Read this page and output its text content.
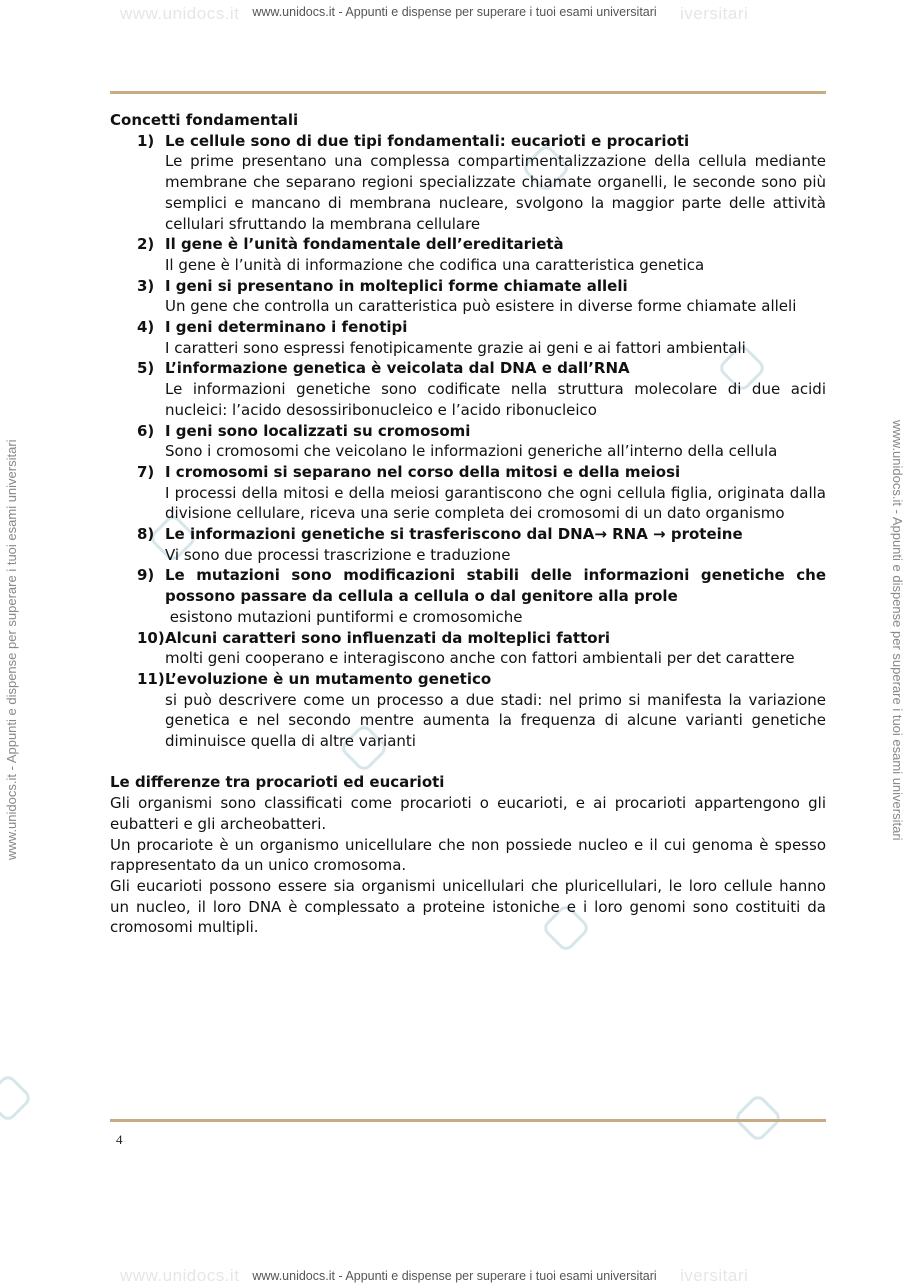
www.unidocs.it	iversitari
www.unidocs.it - Appunti e dispense per superare i tuoi esami universitari
www.unidocs.it - Appunti e dispense per superare i tuoi esami universitari	www.unidocs.it - Appunti e dispense per superare i tuoi esami universitari
Concetti fondamentali
1) Le cellule sono di due tipi fondamentali: eucarioti e procarioti
Le prime presentano una complessa compartimentalizzazione della cellula mediante membrane che separano regioni specializzate chiamate organelli, le seconde sono più semplici e mancano di membrana nucleare, svolgono la maggior parte delle attività cellulari sfruttando la membrana cellulare
2) Il gene è l’unità fondamentale dell’ereditarietà
Il gene è l’unità di informazione che codifica una caratteristica genetica
3) I geni si presentano in molteplici forme chiamate alleli
Un gene che controlla un caratteristica può esistere in diverse forme chiamate alleli
4) I geni determinano i fenotipi
I caratteri sono espressi fenotipicamente grazie ai geni e ai fattori ambientali
5) L’informazione genetica è veicolata dal DNA e dall’RNA
Le informazioni genetiche sono codificate nella struttura molecolare di due acidi nucleici: l’acido desossiribonucleico e l’acido ribonucleico
6) I geni sono localizzati su cromosomi
Sono i cromosomi che veicolano le informazioni generiche all’interno della cellula
7) I cromosomi si separano nel corso della mitosi e della meiosi
I processi della mitosi e della meiosi garantiscono che ogni cellula figlia, originata dalla divisione cellulare, riceva una serie completa dei cromosomi di un dato organismo
8) Le informazioni genetiche si trasferiscono dal DNA→ RNA → proteine
Vi sono due processi trascrizione e traduzione
9) Le mutazioni sono modificazioni stabili delle informazioni genetiche che possono passare da cellula a cellula o dal genitore alla prole
esistono mutazioni puntiformi e cromosomiche
10) Alcuni caratteri sono influenzati da molteplici fattori
molti geni cooperano e interagiscono anche con fattori ambientali per det carattere
11) L’evoluzione è un mutamento genetico
si può descrivere come un processo a due stadi: nel primo si manifesta la variazione genetica e nel secondo mentre aumenta la frequenza di alcune varianti genetiche diminuisce quella di altre varianti
Le differenze tra procarioti ed eucarioti

Gli organismi sono classificati come procarioti o eucarioti, e ai procarioti appartengono gli eubatteri e gli archeobatteri.

Un procariote è un organismo unicellulare che non possiede nucleo e il cui genoma è spesso rappresentato da un unico cromosoma.

Gli eucarioti possono essere sia organismi unicellulari che pluricellulari, le loro cellule hanno un nucleo, il loro DNA è complessato a proteine istoniche e i loro genomi sono costituiti da cromosomi multipli.

4
www.unidocs.it	iversitari
www.unidocs.it - Appunti e dispense per superare i tuoi esami universitari
